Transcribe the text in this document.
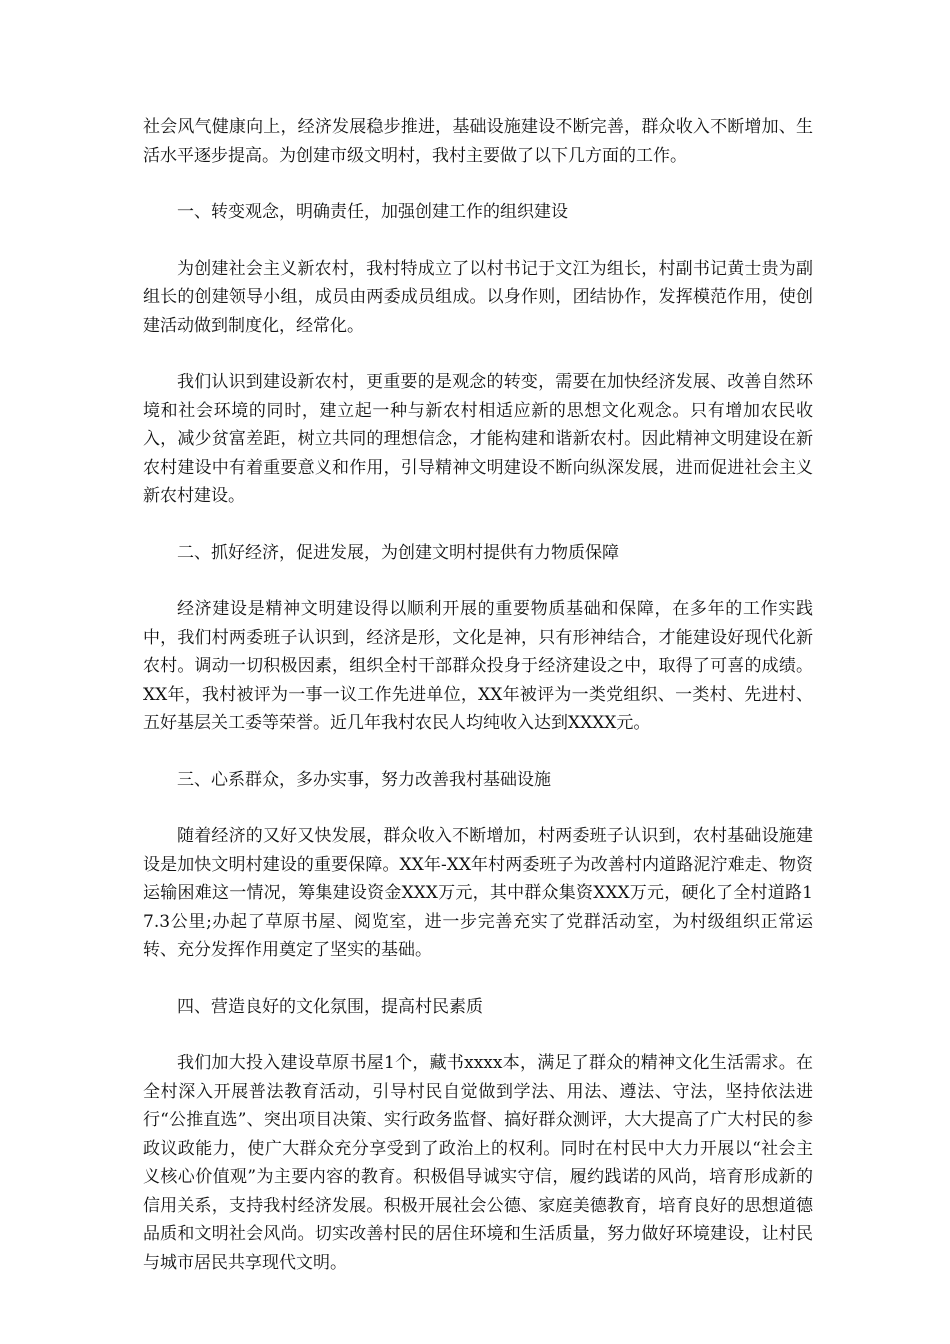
社会风气健康向上，经济发展稳步推进，基础设施建设不断完善，群众收入不断增加、生活水平逐步提高。为创建市级文明村，我村主要做了以下几方面的工作。

一、转变观念，明确责任，加强创建工作的组织建设

为创建社会主义新农村，我村特成立了以村书记于文江为组长，村副书记黄士贵为副组长的创建领导小组，成员由两委成员组成。以身作则，团结协作，发挥模范作用，使创建活动做到制度化，经常化。

我们认识到建设新农村，更重要的是观念的转变，需要在加快经济发展、改善自然环境和社会环境的同时，建立起一种与新农村相适应新的思想文化观念。只有增加农民收入，减少贫富差距，树立共同的理想信念，才能构建和谐新农村。因此精神文明建设在新农村建设中有着重要意义和作用，引导精神文明建设不断向纵深发展，进而促进社会主义新农村建设。

二、抓好经济，促进发展，为创建文明村提供有力物质保障

经济建设是精神文明建设得以顺利开展的重要物质基础和保障，在多年的工作实践中，我们村两委班子认识到，经济是形，文化是神，只有形神结合，才能建设好现代化新农村。调动一切积极因素，组织全村干部群众投身于经济建设之中，取得了可喜的成绩。XX年，我村被评为一事一议工作先进单位，XX年被评为一类党组织、一类村、先进村、五好基层关工委等荣誉。近几年我村农民人均纯收入达到XXXX元。

三、心系群众，多办实事，努力改善我村基础设施

随着经济的又好又快发展，群众收入不断增加，村两委班子认识到，农村基础设施建设是加快文明村建设的重要保障。XX年-XX年村两委班子为改善村内道路泥泞难走、物资运输困难这一情况，筹集建设资金XXX万元，其中群众集资XXX万元，硬化了全村道路17.3公里;办起了草原书屋、阅览室，进一步完善充实了党群活动室，为村级组织正常运转、充分发挥作用奠定了坚实的基础。

四、营造良好的文化氛围，提高村民素质

我们加大投入建设草原书屋1个，藏书xxxx本，满足了群众的精神文化生活需求。在全村深入开展普法教育活动，引导村民自觉做到学法、用法、遵法、守法，坚持依法进行“公推直选”、突出项目决策、实行政务监督、搞好群众测评，大大提高了广大村民的参政议政能力，使广大群众充分享受到了政治上的权利。同时在村民中大力开展以“社会主义核心价值观”为主要内容的教育。积极倡导诚实守信，履约践诺的风尚，培育形成新的信用关系，支持我村经济发展。积极开展社会公德、家庭美德教育，培育良好的思想道德品质和文明社会风尚。切实改善村民的居住环境和生活质量，努力做好环境建设，让村民与城市居民共享现代文明。
